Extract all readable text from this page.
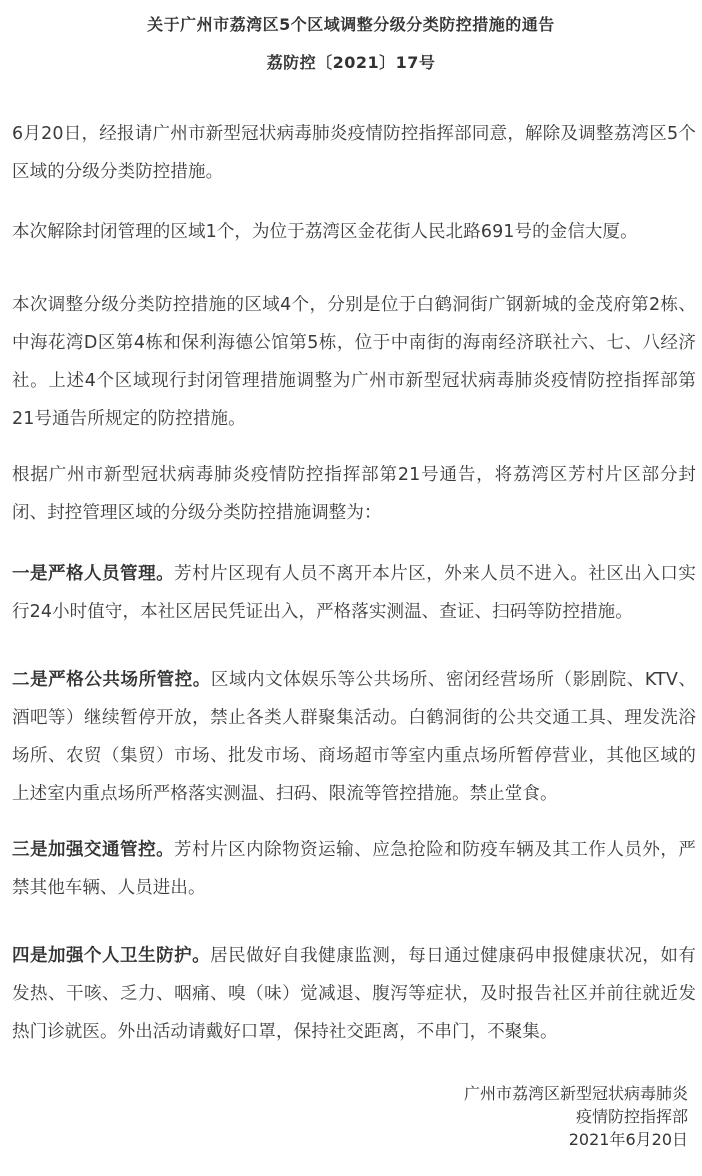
关于广州市荔湾区5个区域调整分级分类防控措施的通告
荔防控〔2021〕17号
6月20日，经报请广州市新型冠状病毒肺炎疫情防控指挥部同意，解除及调整荔湾区5个区域的分级分类防控措施。
本次解除封闭管理的区域1个，为位于荔湾区金花街人民北路691号的金信大厦。
本次调整分级分类防控措施的区域4个，分别是位于白鹤洞街广钢新城的金茂府第2栋、中海花湾D区第4栋和保利海德公馆第5栋，位于中南街的海南经济联社六、七、八经济社。上述4个区域现行封闭管理措施调整为广州市新型冠状病毒肺炎疫情防控指挥部第21号通告所规定的防控措施。
根据广州市新型冠状病毒肺炎疫情防控指挥部第21号通告，将荔湾区芳村片区部分封闭、封控管理区域的分级分类防控措施调整为：
一是严格人员管理。芳村片区现有人员不离开本片区，外来人员不进入。社区出入口实行24小时值守，本社区居民凭证出入，严格落实测温、查证、扫码等防控措施。
二是严格公共场所管控。区域内文体娱乐等公共场所、密闭经营场所（影剧院、KTV、酒吧等）继续暂停开放，禁止各类人群聚集活动。白鹤洞街的公共交通工具、理发洗浴场所、农贸（集贸）市场、批发市场、商场超市等室内重点场所暂停营业，其他区域的上述室内重点场所严格落实测温、扫码、限流等管控措施。禁止堂食。
三是加强交通管控。芳村片区内除物资运输、应急抢险和防疫车辆及其工作人员外，严禁其他车辆、人员进出。
四是加强个人卫生防护。居民做好自我健康监测，每日通过健康码申报健康状况，如有发热、干咳、乏力、咽痛、嗅（味）觉减退、腹泻等症状，及时报告社区并前往就近发热门诊就医。外出活动请戴好口罩，保持社交距离，不串门，不聚集。
广州市荔湾区新型冠状病毒肺炎
疫情防控指挥部
2021年6月20日
